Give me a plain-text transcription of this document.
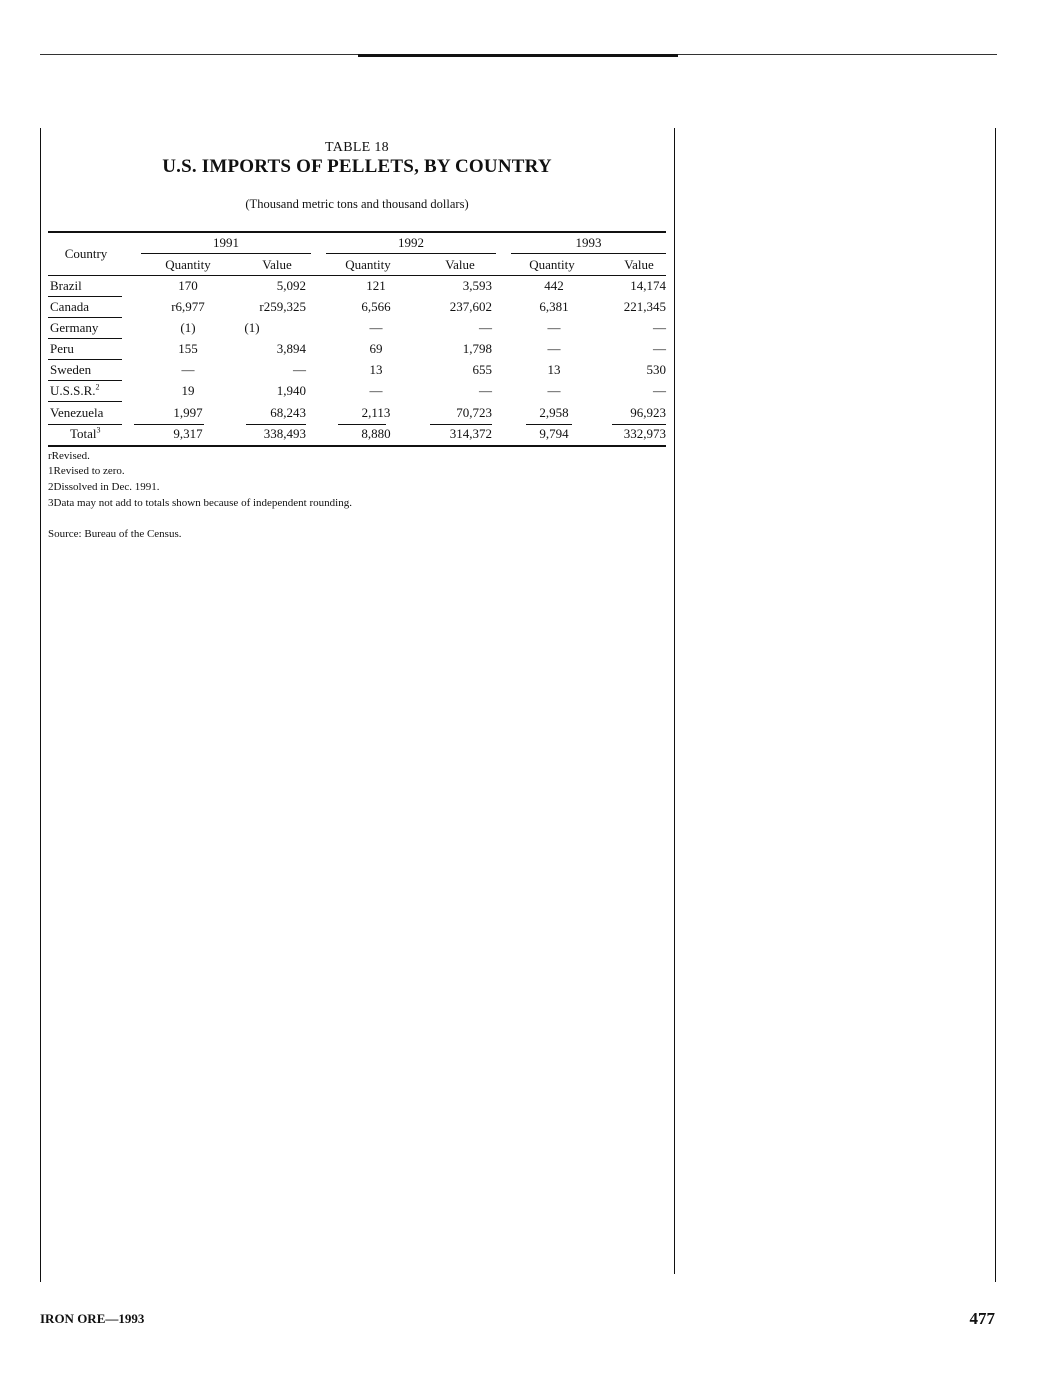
TABLE 18
U.S. IMPORTS OF PELLETS, BY COUNTRY
(Thousand metric tons and thousand dollars)
Country
1991	1992	1993
Quantity	Value	Quantity	Value	Quantity	Value
Brazil	170	5,092	121	3,593	442	14,174
Canada	r6,977	r259,325	6,566	237,602	6,381	221,345
Germany	(1)	(1)	—	—	—	—
Peru	155	3,894	69	1,798	—	—
Sweden	—	—	13	655	13	530
U.S.S.R.$^2$	19	1,940	—	—	—	—
Venezuela	1,997	68,243	2,113	70,723	2,958	96,923
Total$^3$	9,317	338,493	8,880	314,372	9,794	332,973
rRevised.
1Revised to zero.
2Dissolved in Dec. 1991.
3Data may not add to totals shown because of independent rounding.
Source: Bureau of the Census.
IRON ORE—1993	477
